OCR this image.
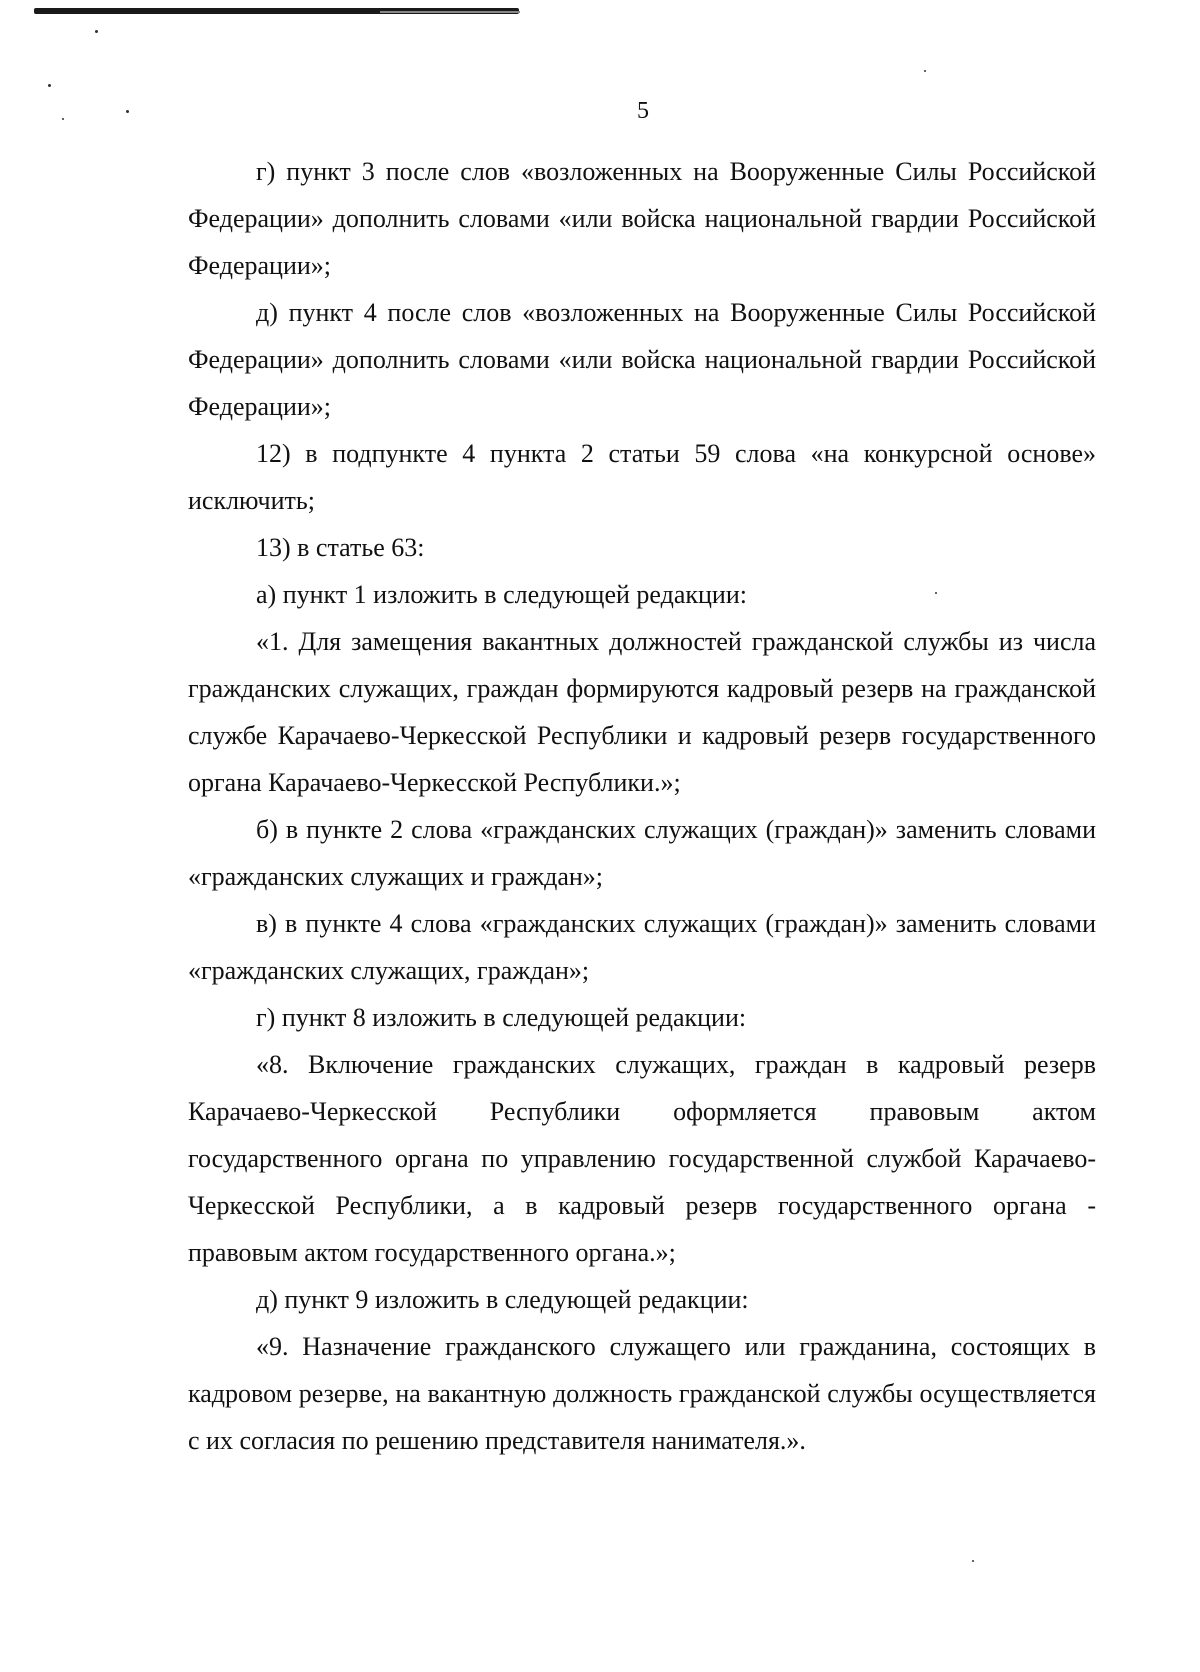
5

г) пункт 3 после слов «возложенных на Вооруженные Силы Российской Федерации» дополнить словами «или войска национальной гвардии Российской Федерации»;

д) пункт 4 после слов «возложенных на Вооруженные Силы Российской Федерации» дополнить словами «или войска национальной гвардии Российской Федерации»;

12) в подпункте 4 пункта 2 статьи 59 слова «на конкурсной основе» исключить;

13) в статье 63:

а) пункт 1 изложить в следующей редакции:

«1. Для замещения вакантных должностей гражданской службы из числа гражданских служащих, граждан формируются кадровый резерв на гражданской службе Карачаево-Черкесской Республики и кадровый резерв государственного органа Карачаево-Черкесской Республики.»;

б) в пункте 2 слова «гражданских служащих (граждан)» заменить словами «гражданских служащих и граждан»;

в) в пункте 4 слова «гражданских служащих (граждан)» заменить словами «гражданских служащих, граждан»;

г) пункт 8 изложить в следующей редакции:

«8. Включение гражданских служащих, граждан в кадровый резерв Карачаево-Черкесской Республики оформляется правовым актом государственного органа по управлению государственной службой Карачаево-Черкесской Республики, а в кадровый резерв государственного органа - правовым актом государственного органа.»;

д) пункт 9 изложить в следующей редакции:

«9. Назначение гражданского служащего или гражданина, состоящих в кадровом резерве, на вакантную должность гражданской службы осуществляется с их согласия по решению представителя нанимателя.».
